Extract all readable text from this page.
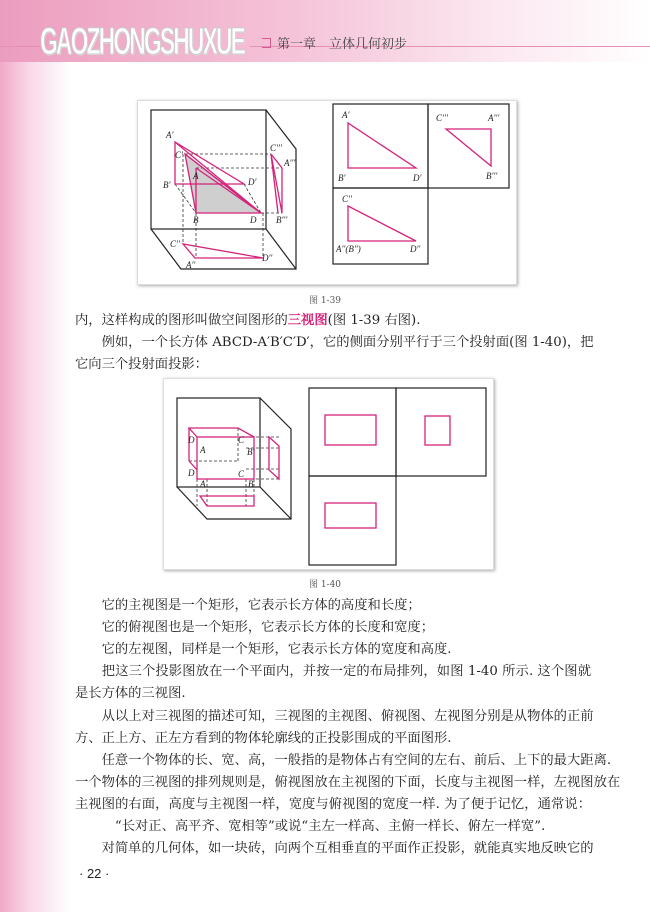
GAOZHONGSHUXUE	第一章　立体几何初步
A'
C'
A
B'	D'
B	D
C'''
A'''
B'''
C''
A''
D''
A'
B'	D'
C'''	A'''
B'''
C''
A''(B'')	D''
图 1-39
内，这样构成的图形叫做空间图形的三视图(图 1-39 右图).
　　例如，一个长方体 ABCD-A′B′C′D′，它的侧面分别平行于三个投射面(图 1-40)，把
它向三个投射面投影：
D
A
C
B'
D	C
A	B
图 1-40
　　它的主视图是一个矩形，它表示长方体的高度和长度；
　　它的俯视图也是一个矩形，它表示长方体的长度和宽度；
　　它的左视图，同样是一个矩形，它表示长方体的宽度和高度.
　　把这三个投影图放在一个平面内，并按一定的布局排列，如图 1-40 所示. 这个图就
是长方体的三视图.
　　从以上对三视图的描述可知，三视图的主视图、俯视图、左视图分别是从物体的正前
方、正上方、正左方看到的物体轮廓线的正投影围成的平面图形.
　　任意一个物体的长、宽、高，一般指的是物体占有空间的左右、前后、上下的最大距离.
一个物体的三视图的排列规则是，俯视图放在主视图的下面，长度与主视图一样，左视图放在
主视图的右面，高度与主视图一样，宽度与俯视图的宽度一样. 为了便于记忆，通常说：
　　　“长对正、高平齐、宽相等”或说“主左一样高、主俯一样长、俯左一样宽”.
　　对简单的几何体，如一块砖，向两个互相垂直的平面作正投影，就能真实地反映它的
· 22 ·
